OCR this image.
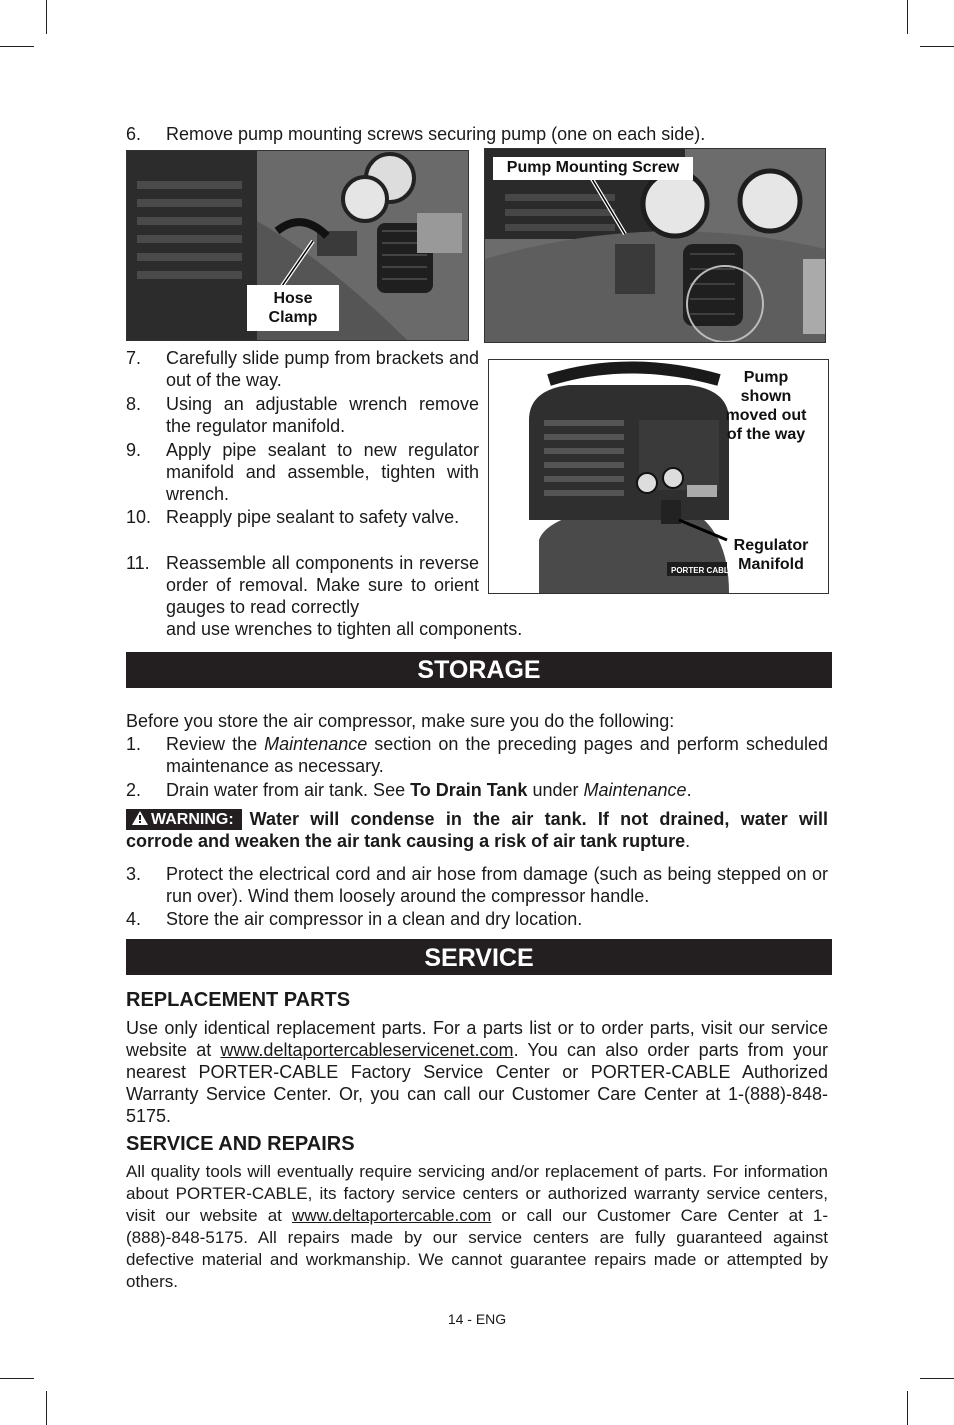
6. Remove pump mounting screws securing pump (one on each side).
Hose
Clamp
Pump Mounting Screw
7. Carefully slide pump from brackets and out of the way.
8. Using an adjustable wrench remove the regulator manifold.
9. Apply pipe sealant to new regulator manifold and assemble, tighten with wrench.
10. Reapply pipe sealant to safety valve.
11. Reassemble all components in reverse order of removal. Make sure to orient gauges to read correctly
and use wrenches to tighten all components.
PORTER CABLE
Pump shown moved out of the way
Regulator Manifold
STORAGE
Before you store the air compressor, make sure you do the following:
1. Review the Maintenance section on the preceding pages and perform scheduled maintenance as necessary.
2. Drain water from air tank. See To Drain Tank under Maintenance.
WARNING: Water will condense in the air tank. If not drained, water will corrode and weaken the air tank causing a risk of air tank rupture.
3. Protect the electrical cord and air hose from damage (such as being stepped on or run over). Wind them loosely around the compressor handle.
4. Store the air compressor in a clean and dry location.
SERVICE
REPLACEMENT PARTS
Use only identical replacement parts. For a parts list or to order parts, visit our service website at www.deltaportercableservicenet.com. You can also order parts from your nearest PORTER-CABLE Factory Service Center or PORTER-CABLE Authorized Warranty Service Center. Or, you can call our Customer Care Center at 1-(888)-848-5175.
SERVICE AND REPAIRS
All quality tools will eventually require servicing and/or replacement of parts. For information about PORTER-CABLE, its factory service centers or authorized warranty service centers, visit our website at www.deltaportercable.com or call our Customer Care Center at 1-(888)-848-5175. All repairs made by our service centers are fully guaranteed against defective material and workmanship. We cannot guarantee repairs made or attempted by others.
14 - ENG
